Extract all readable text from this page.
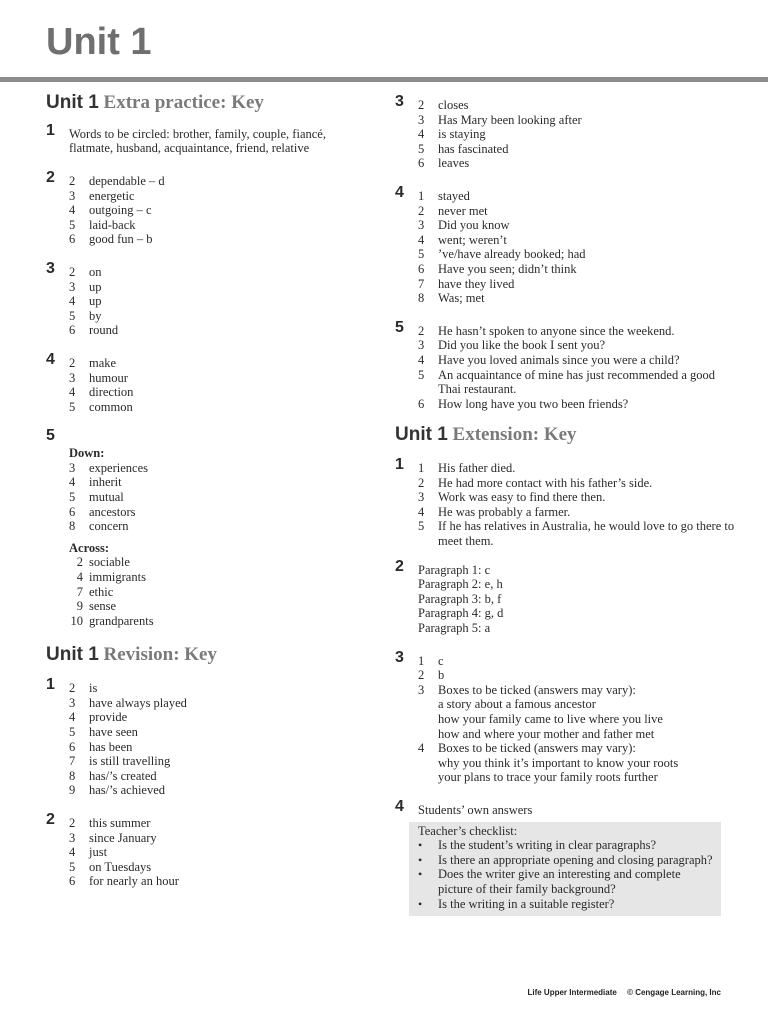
Unit 1
Unit 1 Extra practice: Key
1 Words to be circled: brother, family, couple, fiancé,
flatmate, husband, acquaintance, friend, relative
2 2	dependable – d
3	energetic
4	outgoing – c
5	laid-back
6	good fun – b
3 2	on
3	up
4	up
5	by
6	round
4 2	make
3	humour
4	direction
5	common
5
Down:
3	experiences
4	inherit
5	mutual
6	ancestors
8	concern
Across:
2 sociable
4 immigrants
7 ethic
9 sense
10 grandparents
Unit 1 Revision: Key
1 2	is
3	have always played
4	provide
5	have seen
6	has been
7	is still travelling
8	has/’s created
9	has/’s achieved
2 2	this summer
3	since January
4	just
5	on Tuesdays
6	for nearly an hour
3 2	closes
3	Has Mary been looking after
4	is staying
5	has fascinated
6	leaves
4 1	stayed
2	never met
3	Did you know
4	went; weren’t
5	’ve/have already booked; had
6	Have you seen; didn’t think
7	have they lived
8	Was; met
5 2	He hasn’t spoken to anyone since the weekend.
3	Did you like the book I sent you?
4	Have you loved animals since you were a child?
5	An acquaintance of mine has just recommended a good Thai restaurant.
6	How long have you two been friends?
Unit 1 Extension: Key
1 1	His father died.
2	He had more contact with his father’s side.
3	Work was easy to find there then.
4	He was probably a farmer.
5	If he has relatives in Australia, he would love to go there to meet them.
2 Paragraph 1: c
Paragraph 2: e, h
Paragraph 3: b, f
Paragraph 4: g, d
Paragraph 5: a
3 1	c
2	b
3	Boxes to be ticked (answers may vary):
a story about a famous ancestor
how your family came to live where you live
how and where your mother and father met
4	Boxes to be ticked (answers may vary):
why you think it’s important to know your roots
your plans to trace your family roots further
4 Students’ own answers
Teacher’s checklist:
•
Is the student’s writing in clear paragraphs?
•
Is there an appropriate opening and closing paragraph?
•
Does the writer give an interesting and complete picture of their family background?
•
Is the writing in a suitable register?
Life Upper Intermediate © Cengage Learning, Inc
